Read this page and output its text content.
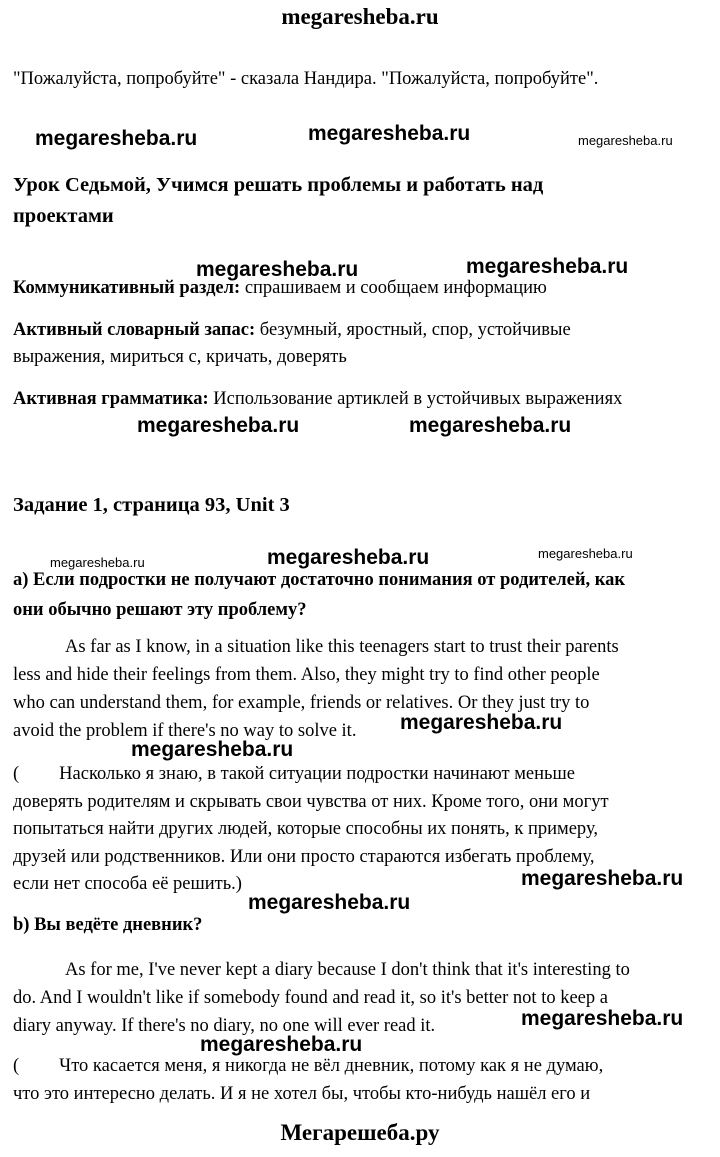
megaresheba.ru
"Пожалуйста, попробуйте" - сказала Нандира. "Пожалуйста, попробуйте".
megaresheba.ru	megaresheba.ru	megaresheba.ru
Урок Седьмой, Учимся решать проблемы и работать над
проектами
megaresheba.ru	megaresheba.ru
Коммуникативный раздел: спрашиваем и сообщаем информацию
Активный словарный запас: безумный, яростный, спор, устойчивые
выражения, мириться с, кричать, доверять
Активная грамматика: Использование артиклей в устойчивых выражениях
megaresheba.ru	megaresheba.ru
Задание 1, страница 93, Unit 3
megaresheba.ru	megaresheba.ru	megaresheba.ru
а) Если подростки не получают достаточно понимания от родителей, как
они обычно решают эту проблему?
As far as I know, in a situation like this teenagers start to trust their parents
less and hide their feelings from them. Also, they might try to find other people
who can understand them, for example, friends or relatives. Or they just try to
avoid the problem if there's no way to solve it.	megaresheba.ru
megaresheba.ru
( Насколько я знаю, в такой ситуации подростки начинают меньше
доверять родителям и скрывать свои чувства от них. Кроме того, они могут
попытаться найти других людей, которые способны их понять, к примеру,
друзей или родственников. Или они просто стараются избегать проблему,
если нет способа её решить.)	megaresheba.ru
megaresheba.ru
b) Вы ведёте дневник?
As for me, I've never kept a diary because I don't think that it's interesting to
do. And I wouldn't like if somebody found and read it, so it's better not to keep a
diary anyway. If there's no diary, no one will ever read it.	megaresheba.ru
megaresheba.ru
( Что касается меня, я никогда не вёл дневник, потому как я не думаю,
что это интересно делать. И я не хотел бы, чтобы кто-нибудь нашёл его и
Мегарешеба.ру
